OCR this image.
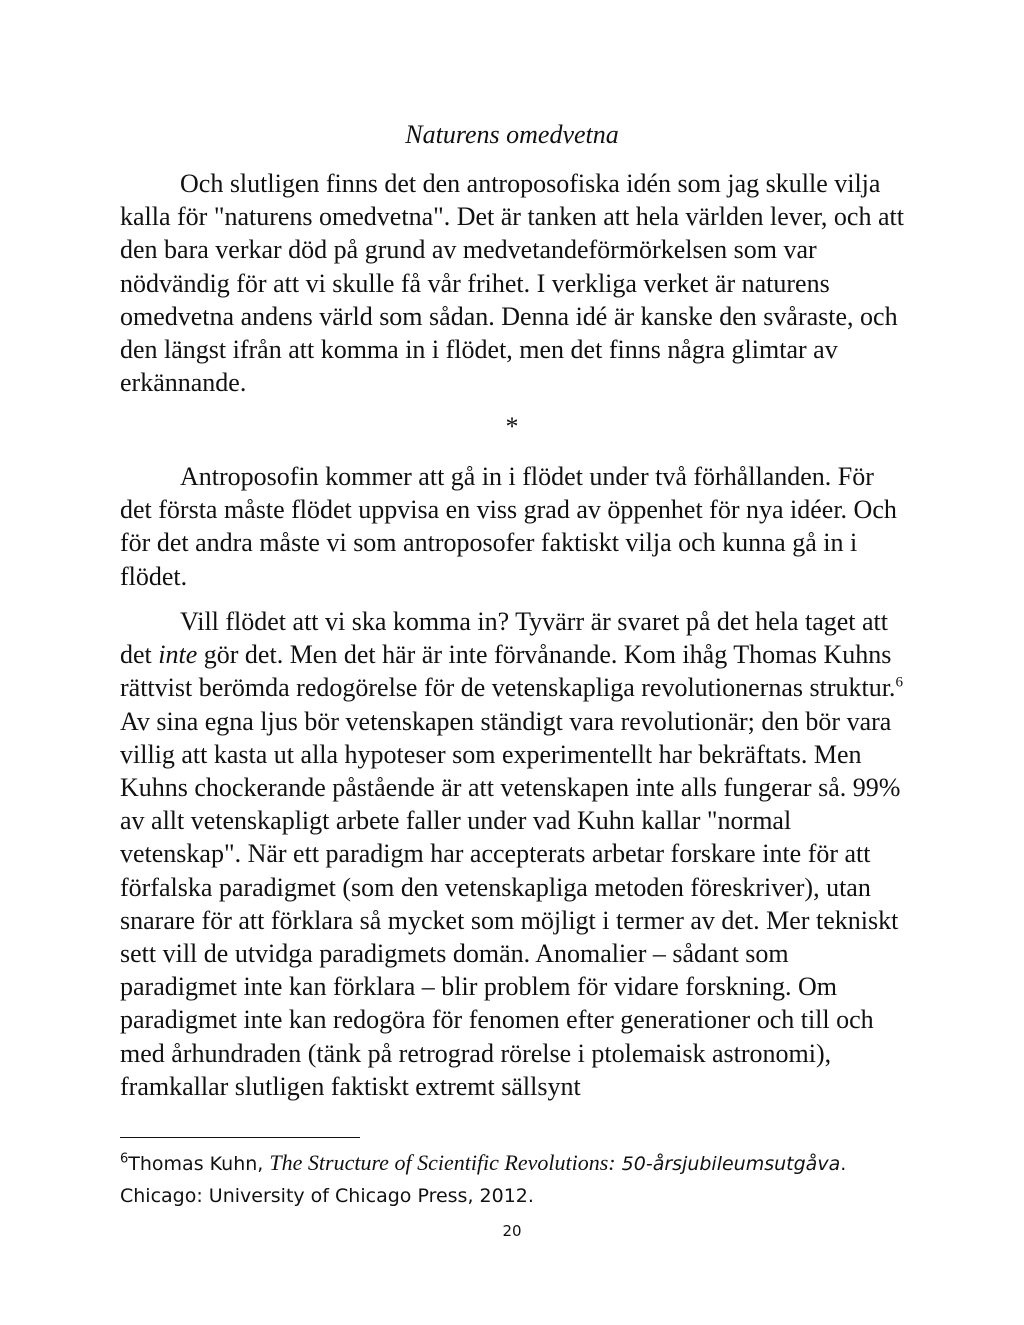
Naturens omedvetna

Och slutligen finns det den antroposofiska idén som jag skulle vilja kalla för "naturens omedvetna". Det är tanken att hela världen lever, och att den bara verkar död på grund av medvetandeförmörkelsen som var nödvändig för att vi skulle få vår frihet. I verkliga verket är naturens omedvetna andens värld som sådan. Denna idé är kanske den svåraste, och den längst ifrån att komma in i flödet, men det finns några glimtar av erkännande.

*

Antroposofin kommer att gå in i flödet under två förhållanden. För det första måste flödet uppvisa en viss grad av öppenhet för nya idéer. Och för det andra måste vi som antroposofer faktiskt vilja och kunna gå in i flödet.

Vill flödet att vi ska komma in? Tyvärr är svaret på det hela taget att det inte gör det. Men det här är inte förvånande. Kom ihåg Thomas Kuhns rättvist berömda redogörelse för de vetenskapliga revolutionernas struktur.$^6$ Av sina egna ljus bör vetenskapen ständigt vara revolutionär; den bör vara villig att kasta ut alla hypoteser som experimentellt har bekräftats. Men Kuhns chockerande påstående är att vetenskapen inte alls fungerar så. 99% av allt vetenskapligt arbete faller under vad Kuhn kallar "normal vetenskap". När ett paradigm har accepterats arbetar forskare inte för att förfalska paradigmet (som den vetenskapliga metoden föreskriver), utan snarare för att förklara så mycket som möjligt i termer av det. Mer tekniskt sett vill de utvidga paradigmets domän. Anomalier – sådant som paradigmet inte kan förklara – blir problem för vidare forskning. Om paradigmet inte kan redogöra för fenomen efter generationer och till och med århundraden (tänk på retrograd rörelse i ptolemaisk astronomi), framkallar slutligen faktiskt extremt sällsynt

$^6$Thomas Kuhn, The Structure of Scientific Revolutions: 50-årsjubileumsutgåva.
Chicago: University of Chicago Press, 2012.
20
